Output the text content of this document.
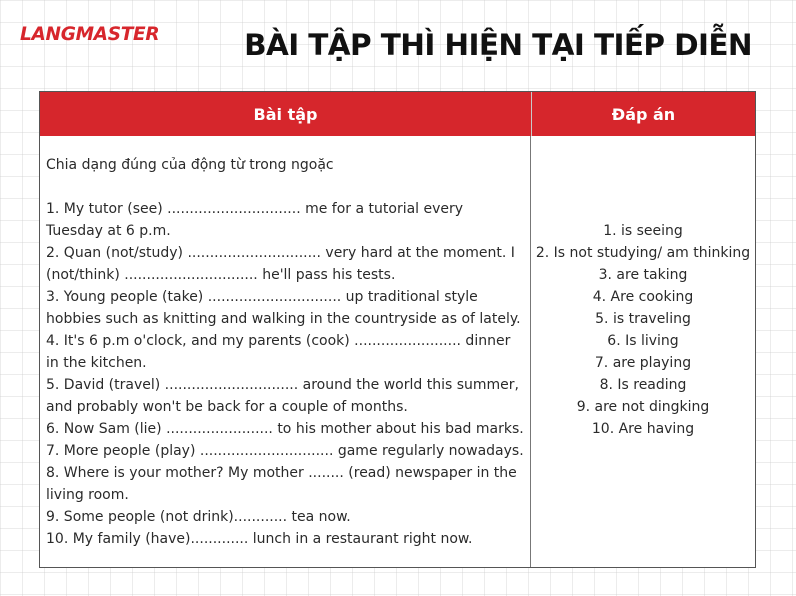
LANGMASTER	BÀI TẬP THÌ HIỆN TẠI TIẾP DIỄN
Bài tập	Đáp án
Chia dạng đúng của động từ trong ngoặc
1. My tutor (see) .............................. me for a tutorial every Tuesday at 6 p.m.
2. Quan (not/study) .............................. very hard at the moment. I (not/think) .............................. he'll pass his tests.
3. Young people (take) .............................. up traditional style hobbies such as knitting and walking in the countryside as of lately.
4. It's 6 p.m o'clock, and my parents (cook) ........................ dinner in the kitchen.
5. David (travel) .............................. around the world this summer, and probably won't be back for a couple of months.
6. Now Sam (lie) ........................ to his mother about his bad marks.
7. More people (play) .............................. game regularly nowadays.
8. Where is your mother? My mother ........ (read) newspaper in the living room.
9. Some people (not drink)............ tea now.
10. My family (have)............. lunch in a restaurant right now.
1. is seeing
2. Is not studying/ am thinking
3. are taking
4. Are cooking
5. is traveling
6. Is living
7. are playing
8. Is reading
9. are not dingking
10. Are having
